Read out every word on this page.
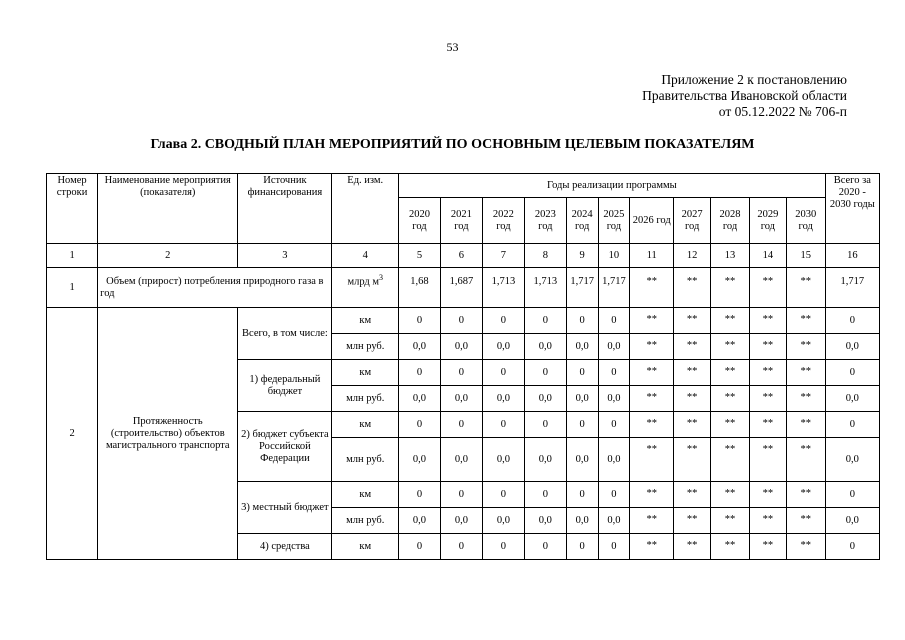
53
Приложение 2 к постановлению
Правительства Ивановской области
от 05.12.2022 № 706-п
Глава 2. СВОДНЫЙ ПЛАН МЕРОПРИЯТИЙ ПО ОСНОВНЫМ ЦЕЛЕВЫМ ПОКАЗАТЕЛЯМ
Номер строки	Наименование мероприятия (показателя)	Источник финансирования	Ед. изм.	Годы реализации программы											Всего за 2020 - 2030 годы
				2020 год	2021 год	2022 год	2023 год	2024 год	2025 год	2026 год	2027 год	2028 год	2029 год	2030 год	
1	2	3	4	5	6	7	8	9	10	11	12	13	14	15	16
1	Объем (прирост) потребления природного газа в год		млрд $м^3$	1,68	1,687	1,713	1,713	1,717	1,717	**	**	**	**	**	1,717
2	Протяженность (строительство) объектов магистрального транспорта	Всего, в том числе:	км	0	0	0	0	0	0	**	**	**	**	**	0
			млн руб.	0,0	0,0	0,0	0,0	0,0	0,0	**	**	**	**	**	0,0
		1) федеральный бюджет	км	0	0	0	0	0	0	**	**	**	**	**	0
			млн руб.	0,0	0,0	0,0	0,0	0,0	0,0	**	**	**	**	**	0,0
		2) бюджет субъекта Российской Федерации	км	0	0	0	0	0	0	**	**	**	**	**	0
			млн руб.	0,0	0,0	0,0	0,0	0,0	0,0	**	**	**	**	**	0,0
		3) местный бюджет	км	0	0	0	0	0	0	**	**	**	**	**	0
			млн руб.	0,0	0,0	0,0	0,0	0,0	0,0	**	**	**	**	**	0,0
		4) средства	км	0	0	0	0	0	0	**	**	**	**	**	0
